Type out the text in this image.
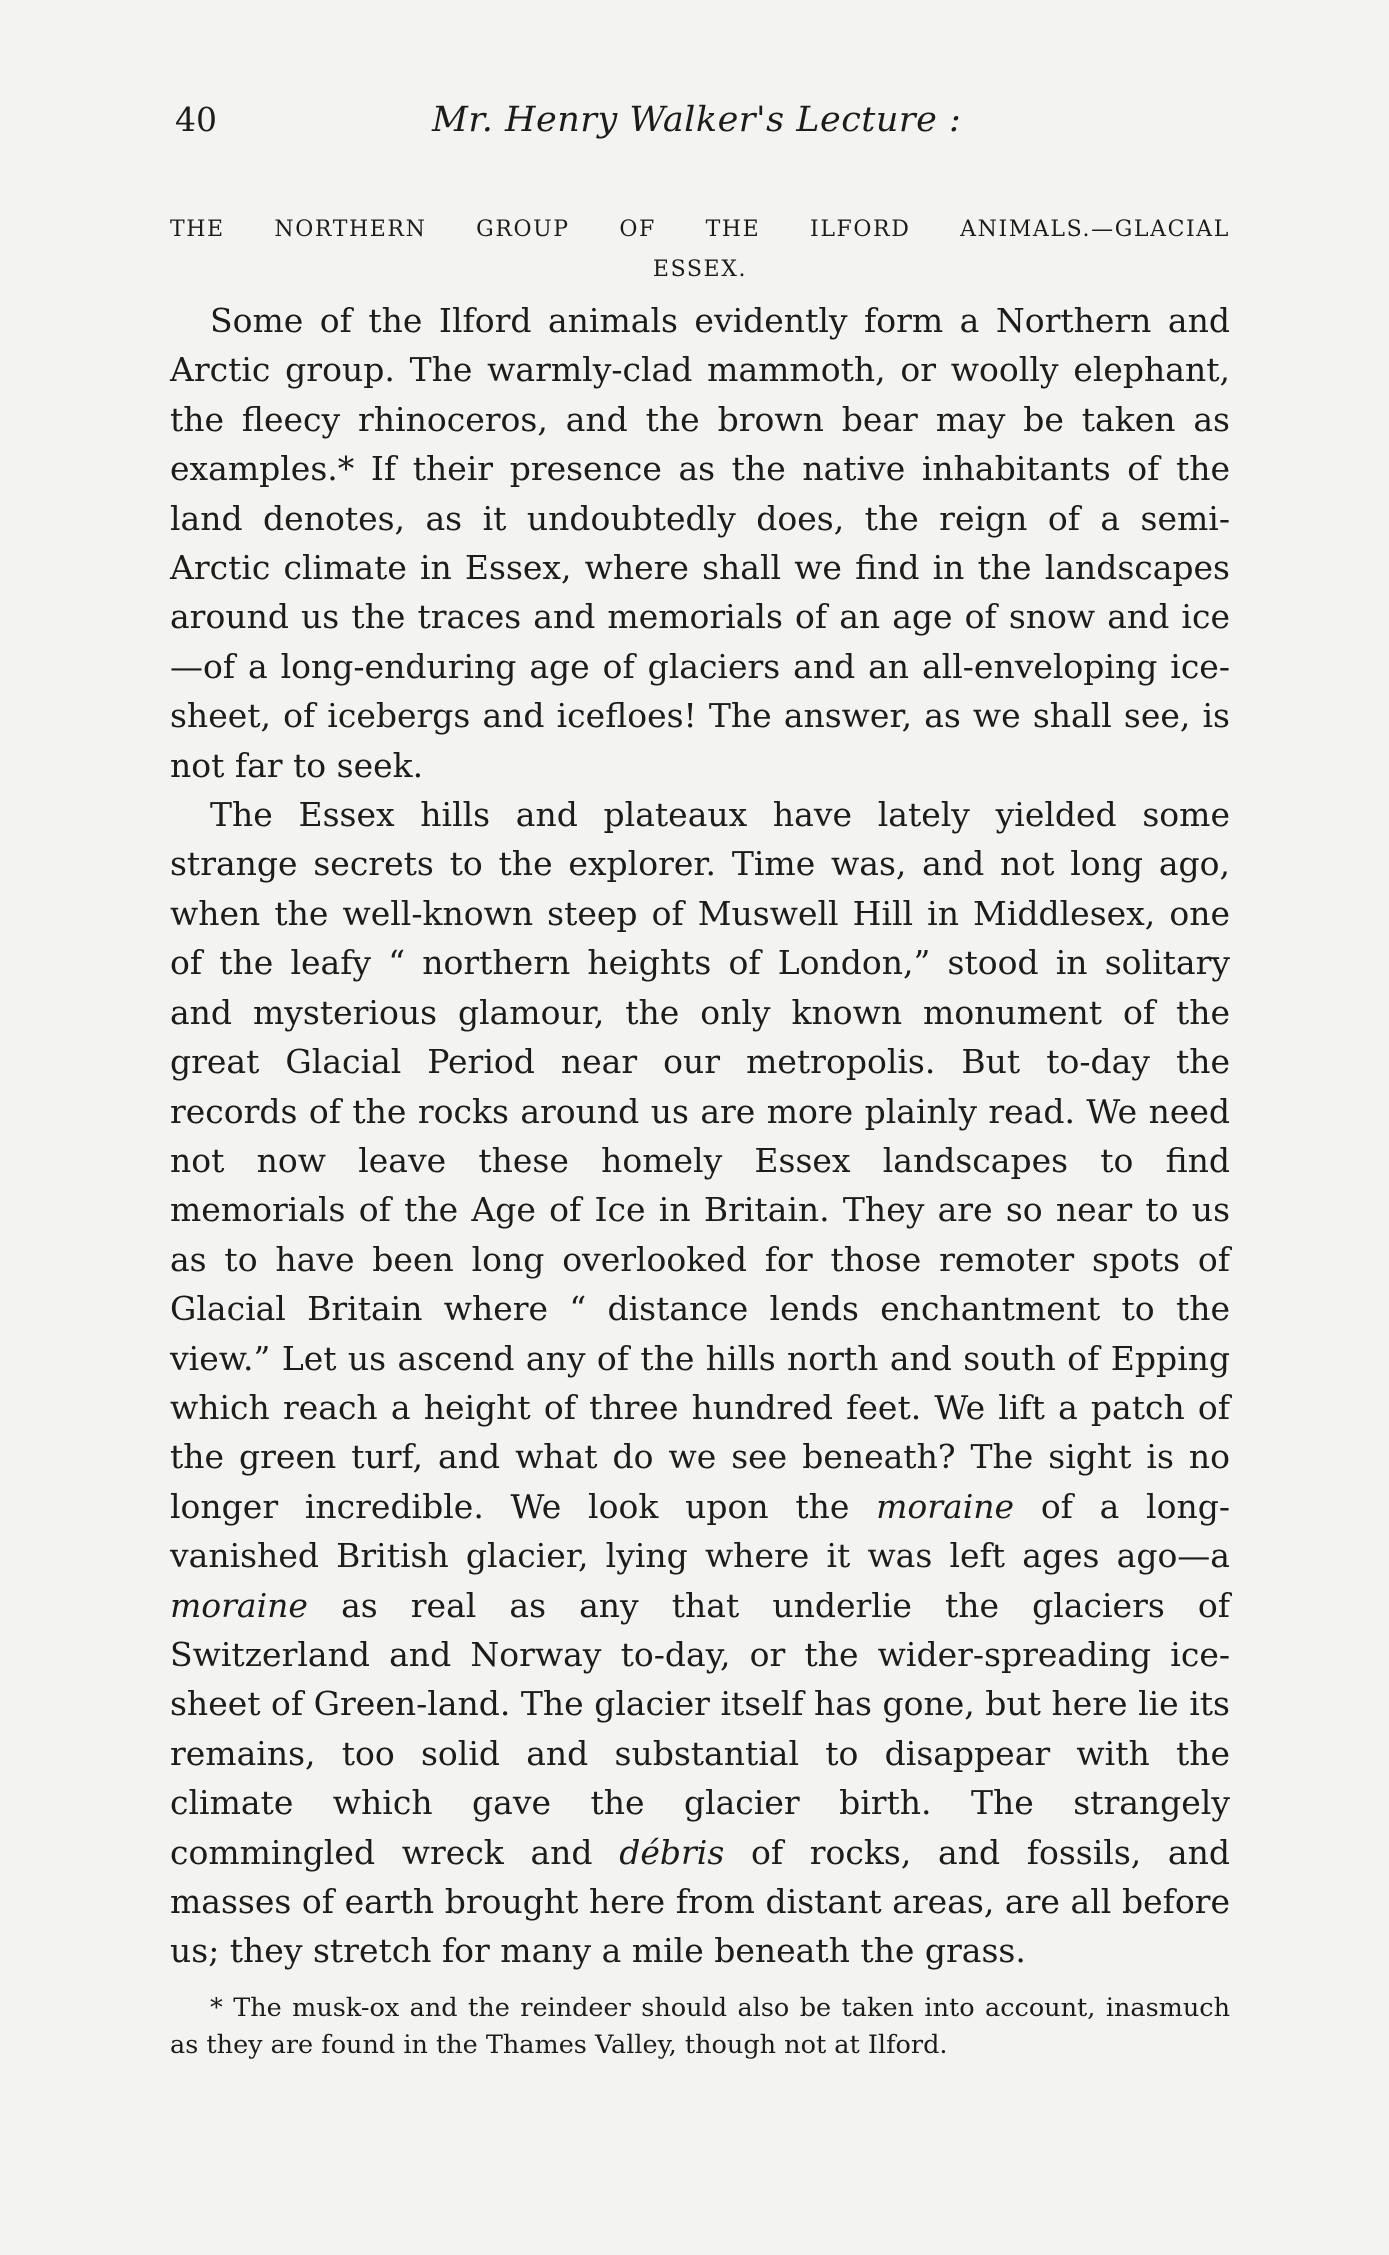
40	Mr. Henry Walker's Lecture :
THE NORTHERN GROUP OF THE ILFORD ANIMALS.—GLACIAL
ESSEX.

Some of the Ilford animals evidently form a Northern and Arctic group. The warmly-clad mammoth, or woolly elephant, the fleecy rhinoceros, and the brown bear may be taken as examples.* If their presence as the native inhabitants of the land denotes, as it undoubtedly does, the reign of a semi-Arctic climate in Essex, where shall we find in the landscapes around us the traces and memorials of an age of snow and ice—of a long-enduring age of glaciers and an all-enveloping ice-sheet, of icebergs and icefloes! The answer, as we shall see, is not far to seek.

The Essex hills and plateaux have lately yielded some strange secrets to the explorer. Time was, and not long ago, when the well-known steep of Muswell Hill in Middlesex, one of the leafy “ northern heights of London,” stood in solitary and mysterious glamour, the only known monument of the great Glacial Period near our metropolis. But to-day the records of the rocks around us are more plainly read. We need not now leave these homely Essex landscapes to find memorials of the Age of Ice in Britain. They are so near to us as to have been long overlooked for those remoter spots of Glacial Britain where “ distance lends enchantment to the view.” Let us ascend any of the hills north and south of Epping which reach a height of three hundred feet. We lift a patch of the green turf, and what do we see beneath? The sight is no longer incredible. We look upon the moraine of a long-vanished British glacier, lying where it was left ages ago—a moraine as real as any that underlie the glaciers of Switzerland and Norway to-day, or the wider-spreading ice-sheet of Green-land. The glacier itself has gone, but here lie its remains, too solid and substantial to disappear with the climate which gave the glacier birth. The strangely commingled wreck and débris of rocks, and fossils, and masses of earth brought here from distant areas, are all before us; they stretch for many a mile beneath the grass.

* The musk-ox and the reindeer should also be taken into account, inasmuch as they are found in the Thames Valley, though not at Ilford.
